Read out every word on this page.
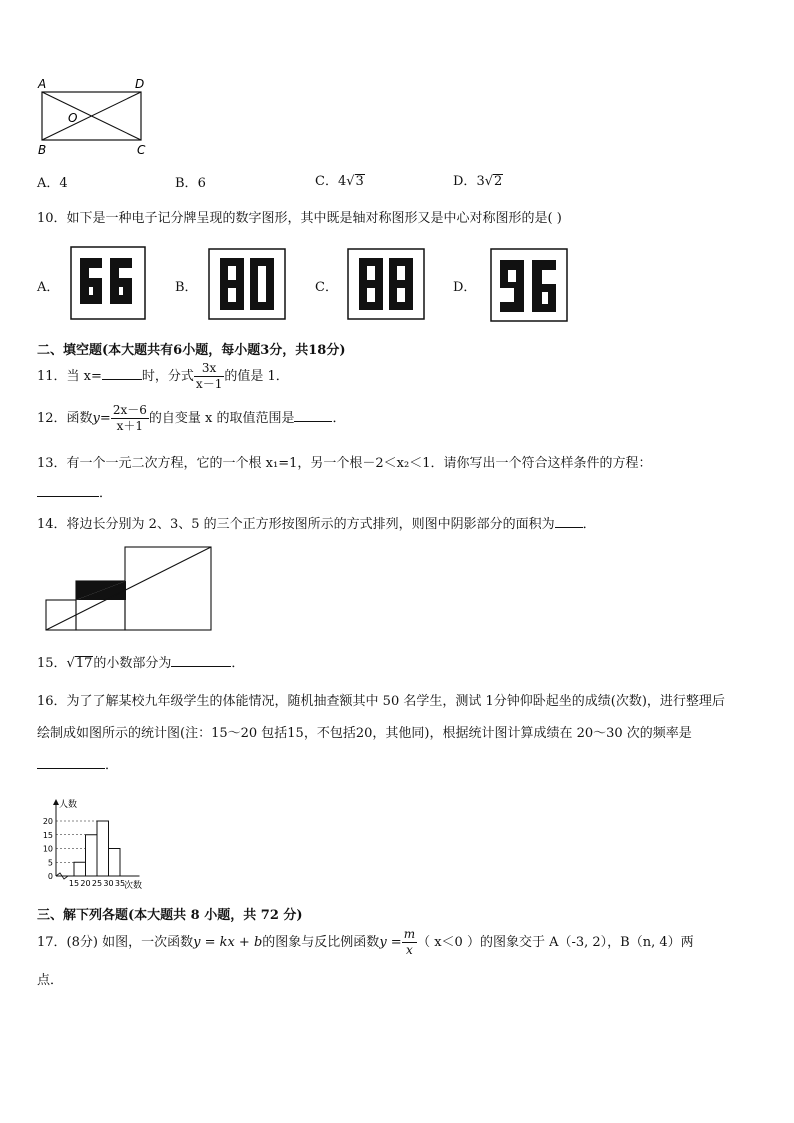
A	D
O
B	C
A．4	B．6	C．4√3	D．3√2
10．如下是一种电子记分牌呈现的数字图形，其中既是轴对称图形又是中心对称图形的是( )
A．	B．	C．	D．
二、填空题(本大题共有6小题，每小题3分，共18分)
11．当 x=	时，分式 $\frac{3x}{x-1}$ 的值是 1．
12．函数$y= \frac{2x-6}{x+1}$ 的自变量 x 的取值范围是	．
13．有一个一元二次方程，它的一个根 x₁=1，另一个根－2＜x₂＜1．请你写出一个符合这样条件的方程：
．
14．将边长分别为 2、3、5 的三个正方形按图所示的方式排列，则图中阴影部分的面积为 ．
15．√17的小数部分为	．
16．为了了解某校九年级学生的体能情况，随机抽查额其中 50 名学生，测试 1分钟仰卧起坐的成绩(次数)，进行整理后
绘制成如图所示的统计图(注：15～20 包括15，不包括20，其他同)，根据统计图计算成绩在 20～30 次的频率是
．
0
5
10
15
20
15 20 25 30 35
人数
次数
三、解下列各题(本大题共 8 小题，共 72 分)
17．(8分) 如图，一次函数y = kx + b的图象与反比例函数$y = \frac{m}{x}$ （ x＜0 ）的图象交于 A（-3, 2），B（n, 4）两
点．
